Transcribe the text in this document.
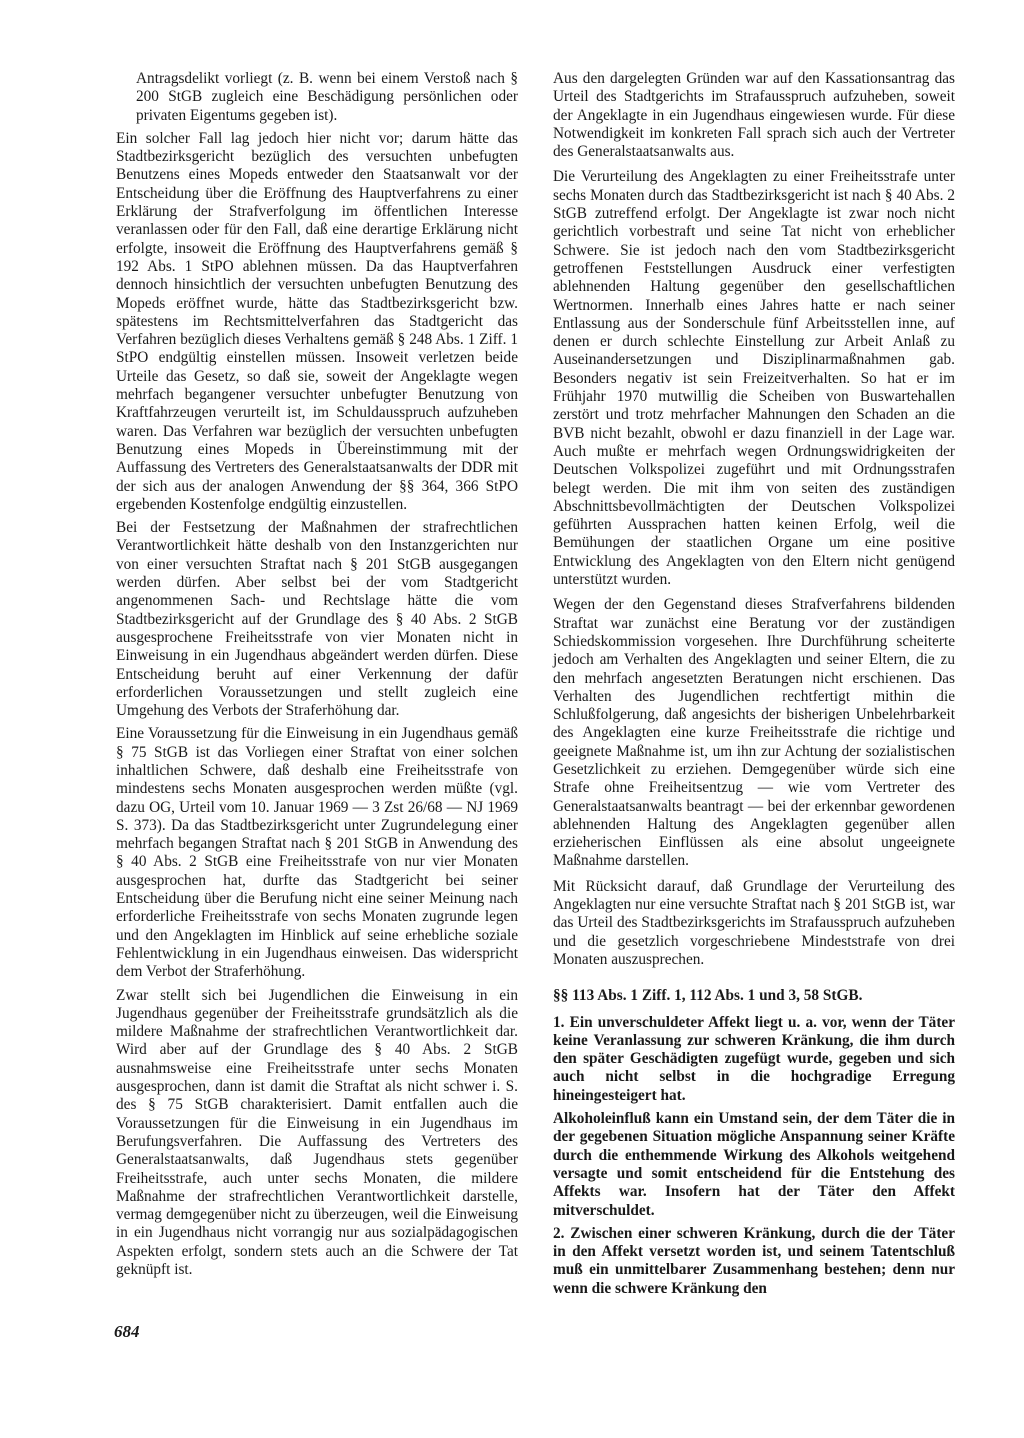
Antragsdelikt vorliegt (z. B. wenn bei einem Verstoß nach § 200 StGB zugleich eine Beschädigung persönlichen oder privaten Eigentums gegeben ist).

Ein solcher Fall lag jedoch hier nicht vor; darum hätte das Stadtbezirksgericht bezüglich des versuchten unbefugten Benutzens eines Mopeds entweder den Staatsanwalt vor der Entscheidung über die Eröffnung des Hauptverfahrens zu einer Erklärung der Strafverfolgung im öffentlichen Interesse veranlassen oder für den Fall, daß eine derartige Erklärung nicht erfolgte, insoweit die Eröffnung des Hauptverfahrens gemäß § 192 Abs. 1 StPO ablehnen müssen. Da das Hauptverfahren dennoch hinsichtlich der versuchten unbefugten Benutzung des Mopeds eröffnet wurde, hätte das Stadtbezirksgericht bzw. spätestens im Rechtsmittelverfahren das Stadtgericht das Verfahren bezüglich dieses Verhaltens gemäß § 248 Abs. 1 Ziff. 1 StPO endgültig einstellen müssen. Insoweit verletzen beide Urteile das Gesetz, so daß sie, soweit der Angeklagte wegen mehrfach begangener versuchter unbefugter Benutzung von Kraftfahrzeugen verurteilt ist, im Schuldausspruch aufzuheben waren. Das Verfahren war bezüglich der versuchten unbefugten Benutzung eines Mopeds in Übereinstimmung mit der Auffassung des Vertreters des Generalstaatsanwalts der DDR mit der sich aus der analogen Anwendung der §§ 364, 366 StPO ergebenden Kostenfolge endgültig einzustellen.

Bei der Festsetzung der Maßnahmen der strafrechtlichen Verantwortlichkeit hätte deshalb von den Instanzgerichten nur von einer versuchten Straftat nach § 201 StGB ausgegangen werden dürfen. Aber selbst bei der vom Stadtgericht angenommenen Sach- und Rechtslage hätte die vom Stadtbezirksgericht auf der Grundlage des § 40 Abs. 2 StGB ausgesprochene Freiheitsstrafe von vier Monaten nicht in Einweisung in ein Jugendhaus abgeändert werden dürfen. Diese Entscheidung beruht auf einer Verkennung der dafür erforderlichen Voraussetzungen und stellt zugleich eine Umgehung des Verbots der Straferhöhung dar.

Eine Voraussetzung für die Einweisung in ein Jugendhaus gemäß § 75 StGB ist das Vorliegen einer Straftat von einer solchen inhaltlichen Schwere, daß deshalb eine Freiheitsstrafe von mindestens sechs Monaten ausgesprochen werden müßte (vgl. dazu OG, Urteil vom 10. Januar 1969 — 3 Zst 26/68 — NJ 1969 S. 373). Da das Stadtbezirksgericht unter Zugrundelegung einer mehrfach begangen Straftat nach § 201 StGB in Anwendung des § 40 Abs. 2 StGB eine Freiheitsstrafe von nur vier Monaten ausgesprochen hat, durfte das Stadtgericht bei seiner Entscheidung über die Berufung nicht eine seiner Meinung nach erforderliche Freiheitsstrafe von sechs Monaten zugrunde legen und den Angeklagten im Hinblick auf seine erhebliche soziale Fehlentwicklung in ein Jugendhaus einweisen. Das widerspricht dem Verbot der Straferhöhung.

Zwar stellt sich bei Jugendlichen die Einweisung in ein Jugendhaus gegenüber der Freiheitsstrafe grundsätzlich als die mildere Maßnahme der strafrechtlichen Verantwortlichkeit dar. Wird aber auf der Grundlage des § 40 Abs. 2 StGB ausnahmsweise eine Freiheitsstrafe unter sechs Monaten ausgesprochen, dann ist damit die Straftat als nicht schwer i. S. des § 75 StGB charakterisiert. Damit entfallen auch die Voraussetzungen für die Einweisung in ein Jugendhaus im Berufungsverfahren. Die Auffassung des Vertreters des Generalstaatsanwalts, daß Jugendhaus stets gegenüber Freiheitsstrafe, auch unter sechs Monaten, die mildere Maßnahme der strafrechtlichen Verantwortlichkeit darstelle, vermag demgegenüber nicht zu überzeugen, weil die Einweisung in ein Jugendhaus nicht vorrangig nur aus sozialpädagogischen Aspekten erfolgt, sondern stets auch an die Schwere der Tat geknüpft ist.

Aus den dargelegten Gründen war auf den Kassationsantrag das Urteil des Stadtgerichts im Strafausspruch aufzuheben, soweit der Angeklagte in ein Jugendhaus eingewiesen wurde. Für diese Notwendigkeit im konkreten Fall sprach sich auch der Vertreter des Generalstaatsanwalts aus.

Die Verurteilung des Angeklagten zu einer Freiheitsstrafe unter sechs Monaten durch das Stadtbezirksgericht ist nach § 40 Abs. 2 StGB zutreffend erfolgt. Der Angeklagte ist zwar noch nicht gerichtlich vorbestraft und seine Tat nicht von erheblicher Schwere. Sie ist jedoch nach den vom Stadtbezirksgericht getroffenen Feststellungen Ausdruck einer verfestigten ablehnenden Haltung gegenüber den gesellschaftlichen Wertnormen. Innerhalb eines Jahres hatte er nach seiner Entlassung aus der Sonderschule fünf Arbeitsstellen inne, auf denen er durch schlechte Einstellung zur Arbeit Anlaß zu Auseinandersetzungen und Disziplinarmaßnahmen gab. Besonders negativ ist sein Freizeitverhalten. So hat er im Frühjahr 1970 mutwillig die Scheiben von Buswartehallen zerstört und trotz mehrfacher Mahnungen den Schaden an die BVB nicht bezahlt, obwohl er dazu finanziell in der Lage war. Auch mußte er mehrfach wegen Ordnungswidrigkeiten der Deutschen Volkspolizei zugeführt und mit Ordnungsstrafen belegt werden. Die mit ihm von seiten des zuständigen Abschnittsbevollmächtigten der Deutschen Volkspolizei geführten Aussprachen hatten keinen Erfolg, weil die Bemühungen der staatlichen Organe um eine positive Entwicklung des Angeklagten von den Eltern nicht genügend unterstützt wurden.

Wegen der den Gegenstand dieses Strafverfahrens bildenden Straftat war zunächst eine Beratung vor der zuständigen Schiedskommission vorgesehen. Ihre Durchführung scheiterte jedoch am Verhalten des Angeklagten und seiner Eltern, die zu den mehrfach angesetzten Beratungen nicht erschienen. Das Verhalten des Jugendlichen rechtfertigt mithin die Schlußfolgerung, daß angesichts der bisherigen Unbelehrbarkeit des Angeklagten eine kurze Freiheitsstrafe die richtige und geeignete Maßnahme ist, um ihn zur Achtung der sozialistischen Gesetzlichkeit zu erziehen. Demgegenüber würde sich eine Strafe ohne Freiheitsentzug — wie vom Vertreter des Generalstaatsanwalts beantragt — bei der erkennbar gewordenen ablehnenden Haltung des Angeklagten gegenüber allen erzieherischen Einflüssen als eine absolut ungeeignete Maßnahme darstellen.

Mit Rücksicht darauf, daß Grundlage der Verurteilung des Angeklagten nur eine versuchte Straftat nach § 201 StGB ist, war das Urteil des Stadtbezirksgerichts im Strafausspruch aufzuheben und die gesetzlich vorgeschriebene Mindeststrafe von drei Monaten auszusprechen.

§§ 113 Abs. 1 Ziff. 1, 112 Abs. 1 und 3, 58 StGB.

1. Ein unverschuldeter Affekt liegt u. a. vor, wenn der Täter keine Veranlassung zur schweren Kränkung, die ihm durch den später Geschädigten zugefügt wurde, gegeben und sich auch nicht selbst in die hochgradige Erregung hineingesteigert hat.

Alkoholeinfluß kann ein Umstand sein, der dem Täter die in der gegebenen Situation mögliche Anspannung seiner Kräfte durch die enthemmende Wirkung des Alkohols weitgehend versagte und somit entscheidend für die Entstehung des Affekts war. Insofern hat der Täter den Affekt mitverschuldet.

2. Zwischen einer schweren Kränkung, durch die der Täter in den Affekt versetzt worden ist, und seinem Tatentschluß muß ein unmittelbarer Zusammenhang bestehen; denn nur wenn die schwere Kränkung den

684
